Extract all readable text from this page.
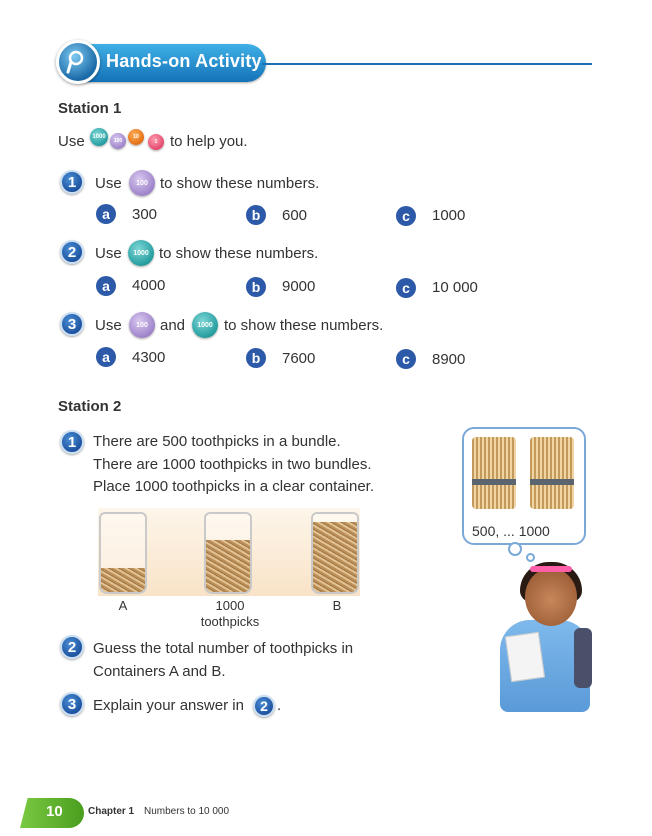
Hands-on Activity
Station 1
Use	1000
100
10
1 to help you.
1	Use	100 to show these numbers.
a	300	b	600	c	1000
2	Use	1000 to show these numbers.
a	4000	b	9000	c	10 000
3	Use	100 and	1000 to show these numbers.
a	4300	b	7600	c	8900
Station 2
1	There are 500 toothpicks in a bundle.
There are 1000 toothpicks in two bundles.
Place 1000 toothpicks in a clear container.
A	1000
toothpicks
B
500, ... 1000
2	Guess the total number of toothpicks in
Containers A and B.
3	Explain your answer in	2 .
10	Chapter 1 Numbers to 10 000
